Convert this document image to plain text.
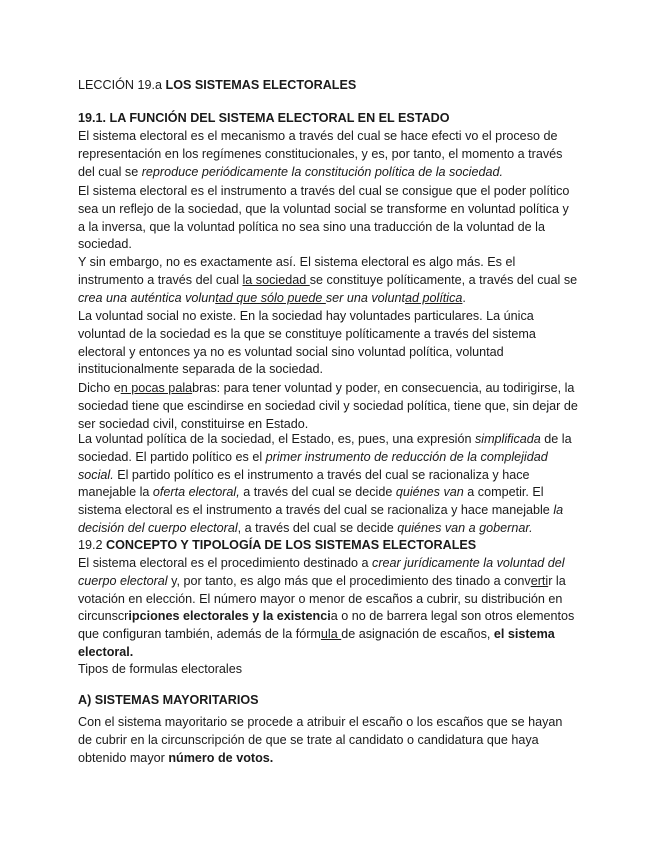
LECCIÓN 19.a LOS SISTEMAS ELECTORALES

19.1. LA FUNCIÓN DEL SISTEMA ELECTORAL EN EL ESTADO

El sistema electoral es el mecanismo a través del cual se hace efecti vo el proceso de representación en los regímenes constitucionales, y es, por tanto, el momento a través del cual se reproduce periódicamente la constitución política de la sociedad.

El sistema electoral es el instrumento a través del cual se consigue que el poder político sea un reflejo de la sociedad, que la voluntad social se transforme en voluntad política y a la inversa, que la voluntad política no sea sino una traducción de la voluntad de la sociedad.

Y sin embargo, no es exactamente así. El sistema electoral es algo más. Es el instrumento a través del cual la sociedad se constituye políticamente, a través del cual se crea una auténtica voluntad que sólo puede ser una voluntad política.

La voluntad social no existe. En la sociedad hay voluntades particulares. La única voluntad de la sociedad es la que se constituye políticamente a través del sistema electoral y entonces ya no es voluntad social sino voluntad política, voluntad institucionalmente separada de la sociedad.

Dicho en pocas palabras: para tener voluntad y poder, en consecuencia, au todirigirse, la sociedad tiene que escindirse en sociedad civil y sociedad política, tiene que, sin dejar de ser sociedad civil, constituirse en Estado.

La voluntad política de la sociedad, el Estado, es, pues, una expresión simplificada de la sociedad. El partido político es el primer instrumento de reducción de la complejidad social. El partido político es el instrumento a través del cual se racionaliza y hace manejable la oferta electoral, a través del cual se decide quiénes van a competir. El sistema electoral es el instrumento a través del cual se racionaliza y hace manejable la decisión del cuerpo electoral, a través del cual se decide quiénes van a gobernar.

19.2 CONCEPTO Y TIPOLOGÍA DE LOS SISTEMAS ELECTORALES

El sistema electoral es el procedimiento destinado a crear jurídicamente la voluntad del cuerpo electoral y, por tanto, es algo más que el procedimiento des tinado a convertir la votación en elección. El número mayor o menor de escaños a cubrir, su distribución en circunscripciones electorales y la existencia o no de barrera legal son otros elementos que configuran también, además de la fórmula de asignación de escaños, el sistema electoral.

Tipos de formulas electorales

A) SISTEMAS MAYORITARIOS

Con el sistema mayoritario se procede a atribuir el escaño o los escaños que se hayan de cubrir en la circunscripción de que se trate al candidato o candidatura que haya obtenido mayor número de votos.
